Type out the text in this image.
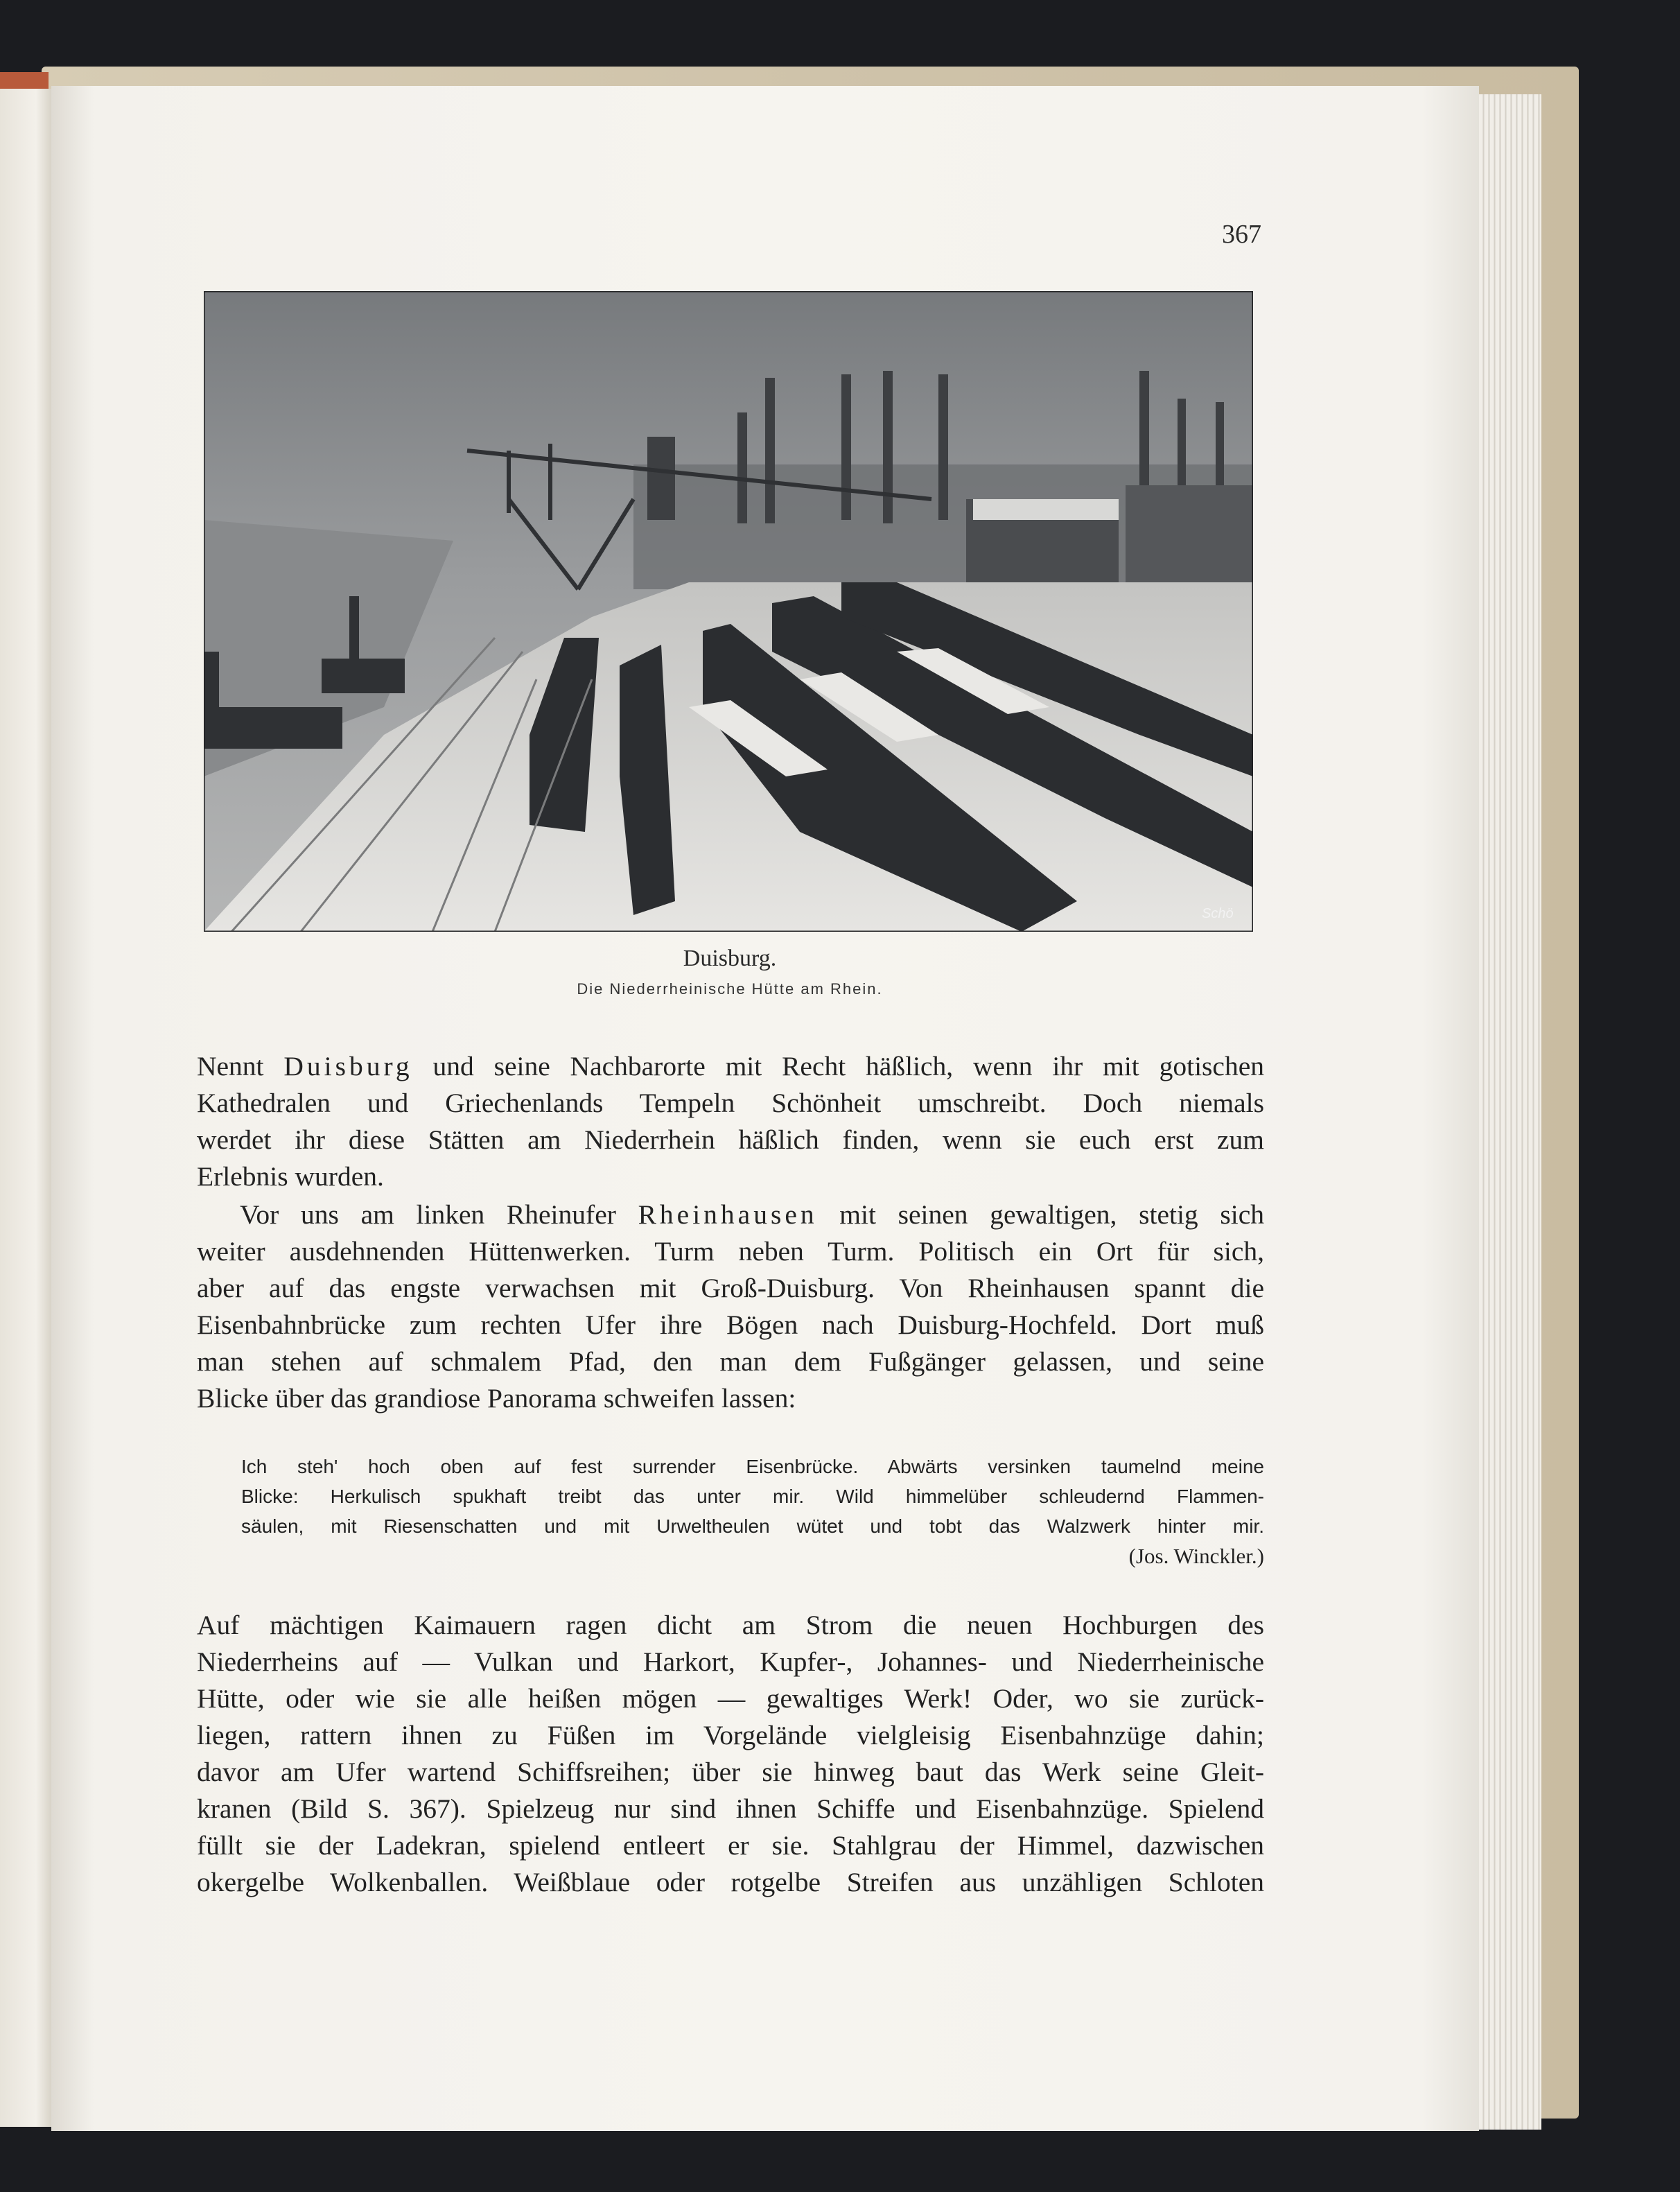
367
Schö
Duisburg.
Die Niederrheinische Hütte am Rhein.
Nennt Duisburg und seine Nachbarorte mit Recht häßlich, wenn ihr mit gotischen
Kathedralen und Griechenlands Tempeln Schönheit umschreibt. Doch niemals
werdet ihr diese Stätten am Niederrhein häßlich finden, wenn sie euch erst zum
Erlebnis wurden.
Vor uns am linken Rheinufer Rheinhausen mit seinen gewaltigen, stetig sich
weiter ausdehnenden Hüttenwerken. Turm neben Turm. Politisch ein Ort für sich,
aber auf das engste verwachsen mit Groß-Duisburg. Von Rheinhausen spannt die
Eisenbahnbrücke zum rechten Ufer ihre Bögen nach Duisburg-Hochfeld. Dort muß
man stehen auf schmalem Pfad, den man dem Fußgänger gelassen, und seine
Blicke über das grandiose Panorama schweifen lassen:
Ich steh' hoch oben auf fest surrender Eisenbrücke. Abwärts versinken taumelnd meine
Blicke: Herkulisch spukhaft treibt das unter mir. Wild himmelüber schleudernd Flammen-
säulen, mit Riesenschatten und mit Urweltheulen wütet und tobt das Walzwerk hinter mir.
(Jos. Winckler.)
Auf mächtigen Kaimauern ragen dicht am Strom die neuen Hochburgen des
Niederrheins auf — Vulkan und Harkort, Kupfer-, Johannes- und Niederrheinische
Hütte, oder wie sie alle heißen mögen — gewaltiges Werk! Oder, wo sie zurück-
liegen, rattern ihnen zu Füßen im Vorgelände vielgleisig Eisenbahnzüge dahin;
davor am Ufer wartend Schiffsreihen; über sie hinweg baut das Werk seine Gleit-
kranen (Bild S. 367). Spielzeug nur sind ihnen Schiffe und Eisenbahnzüge. Spielend
füllt sie der Ladekran, spielend entleert er sie. Stahlgrau der Himmel, dazwischen
okergelbe Wolkenballen. Weißblaue oder rotgelbe Streifen aus unzähligen Schloten
